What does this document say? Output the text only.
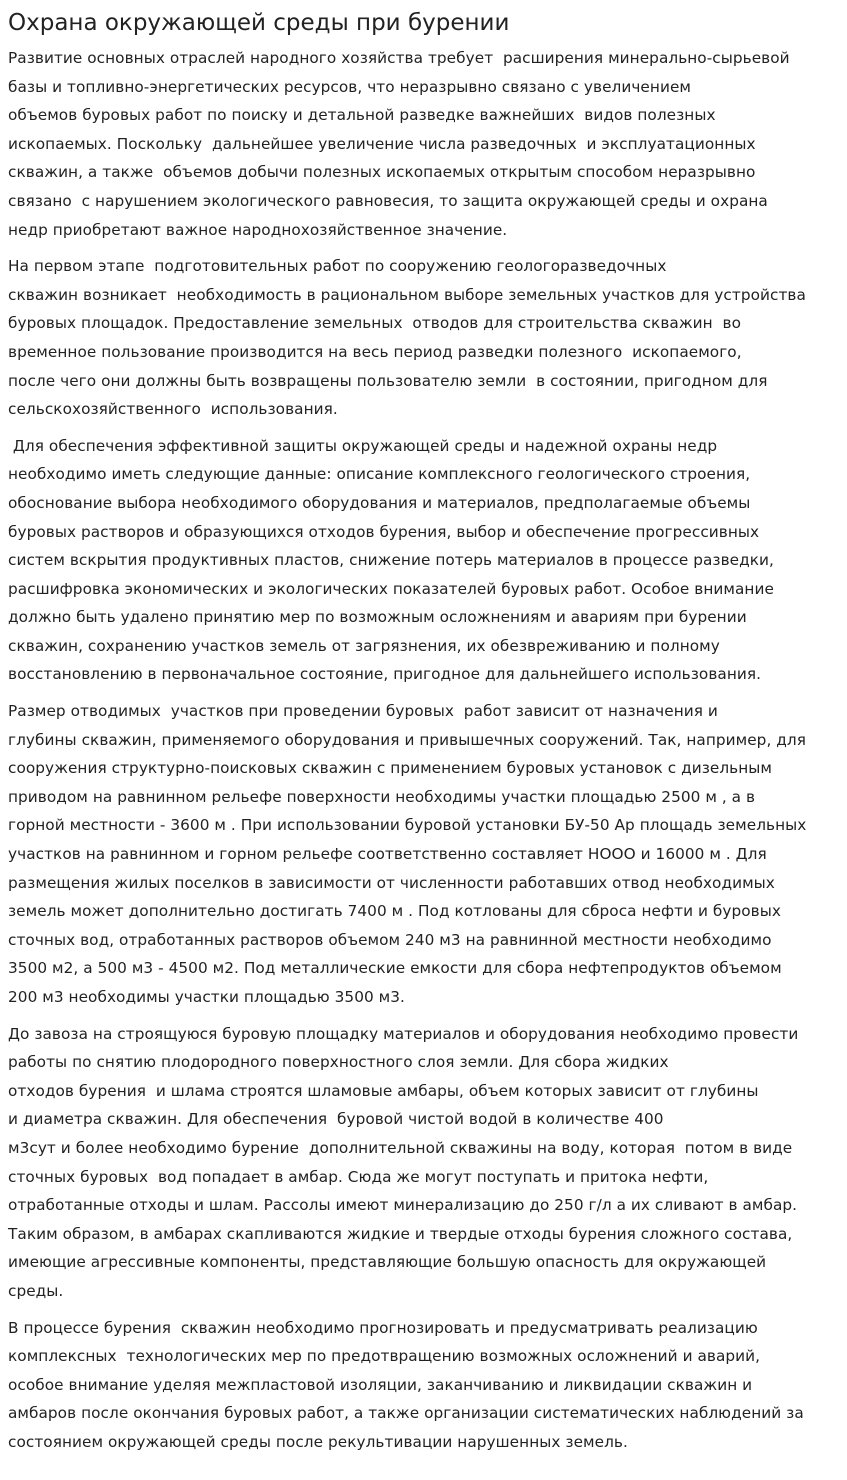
Охрана окружающей среды при бурении

Развитие основных отраслей народного хозяйства требует  расширения минерально-сырьевой
базы и топливно-энергетических ресурсов, что неразрывно связано с увеличением
объемов буровых работ по поиску и детальной разведке важнейших  видов полезных
ископаемых. Поскольку  дальнейшее увеличение числа разведочных  и эксплуатационных
скважин, а также  объемов добычи полезных ископаемых открытым способом неразрывно
связано  с нарушением экологического равновесия, то защита окружающей среды и охрана
недр приобретают важное народнохозяйственное значение.

На первом этапе  подготовительных работ по сооружению геологоразведочных
скважин возникает  необходимость в рациональном выборе земельных участков для устройства
буровых площадок. Предоставление земельных  отводов для строительства скважин  во
временное пользование производится на весь период разведки полезного  ископаемого,
после чего они должны быть возвращены пользователю земли  в состоянии, пригодном для
сельскохозяйственного  использования.

Для обеспечения эффективной защиты окружающей среды и надежной охраны недр
необходимо иметь следующие данные: описание комплексного геологического строения,
обоснование выбора необходимого оборудования и материалов, предполагаемые объемы
буровых растворов и образующихся отходов бурения, выбор и обеспечение прогрессивных
систем вскрытия продуктивных пластов, снижение потерь материалов в процессе разведки,
расшифровка экономических и экологических показателей буровых работ. Особое внимание
должно быть удалено принятию мер по возможным осложнениям и авариям при бурении
скважин, сохранению участков земель от загрязнения, их обезвреживанию и полному
восстановлению в первоначальное состояние, пригодное для дальнейшего использования.

Размер отводимых  участков при проведении буровых  работ зависит от назначения и
глубины скважин, применяемого оборудования и привышечных сооружений. Так, например, для
сооружения структурно-поисковых скважин с применением буровых установок с дизельным
приводом на равнинном рельефе поверхности необходимы участки площадью 2500 м , а в
горной местности - 3600 м . При использовании буровой установки БУ-50 Ар площадь земельных
участков на равнинном и горном рельефе соответственно составляет НООО и 16000 м . Для
размещения жилых поселков в зависимости от численности работавших отвод необходимых
земель может дополнительно достигать 7400 м . Под котлованы для сброса нефти и буровых
сточных вод, отработанных растворов объемом 240 м3 на равнинной местности необходимо
3500 м2, а 500 м3 - 4500 м2. Под металлические емкости для сбора нефтепродуктов объемом
200 м3 необходимы участки площадью 3500 м3.

До завоза на строящуюся буровую площадку материалов и оборудования необходимо провести
работы по снятию плодородного поверхностного слоя земли. Для сбора жидких
отходов бурения  и шлама строятся шламовые амбары, объем которых зависит от глубины
и диаметра скважин. Для обеспечения  буровой чистой водой в количестве 400
м3сут и более необходимо бурение  дополнительной скважины на воду, которая  потом в виде
сточных буровых  вод попадает в амбар. Сюда же могут поступать и притока нефти,
отработанные отходы и шлам. Рассолы имеют минерализацию до 250 г/л а их сливают в амбар.
Таким образом, в амбарах скапливаются жидкие и твердые отходы бурения сложного состава,
имеющие агрессивные компоненты, представляющие большую опасность для окружающей
среды.

В процессе бурения  скважин необходимо прогнозировать и предусматривать реализацию
комплексных  технологических мер по предотвращению возможных осложнений и аварий,
особое внимание уделяя межпластовой изоляции, заканчиванию и ликвидации скважин и
амбаров после окончания буровых работ, а также организации систематических наблюдений за
состоянием окружающей среды после рекультивации нарушенных земель.
